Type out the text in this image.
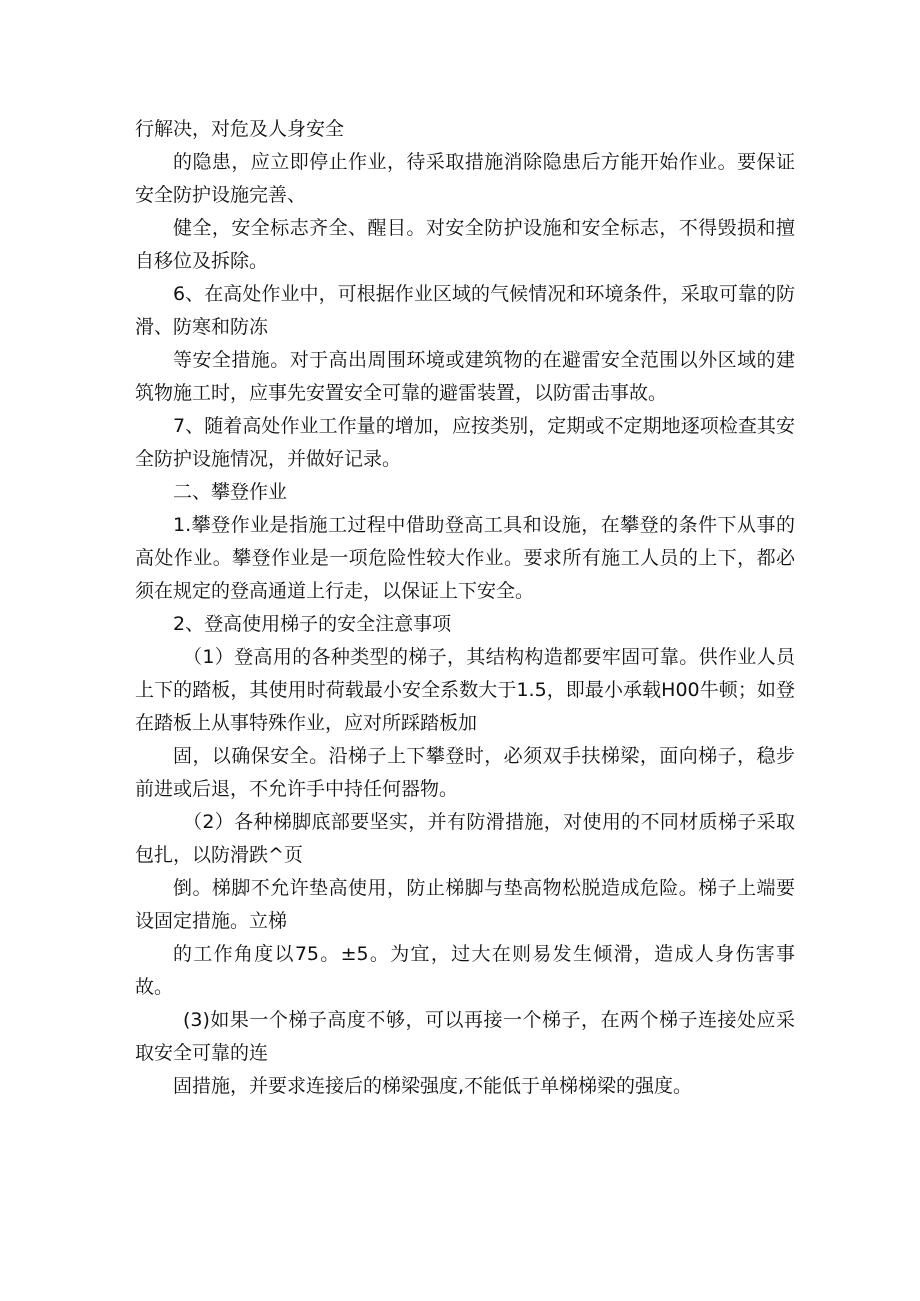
行解决，对危及人身安全

的隐患，应立即停止作业，待采取措施消除隐患后方能开始作业。要保证安全防护设施完善、

健全，安全标志齐全、醒目。对安全防护设施和安全标志，不得毁损和擅自移位及拆除。

6、在高处作业中，可根据作业区域的气候情况和环境条件，采取可靠的防滑、防寒和防冻

等安全措施。对于高出周围环境或建筑物的在避雷安全范围以外区域的建筑物施工时，应事先安置安全可靠的避雷装置，以防雷击事故。

7、随着高处作业工作量的增加，应按类别，定期或不定期地逐项检查其安全防护设施情况，并做好记录。

二、攀登作业

1.攀登作业是指施工过程中借助登高工具和设施，在攀登的条件下从事的高处作业。攀登作业是一项危险性较大作业。要求所有施工人员的上下，都必须在规定的登高通道上行走，以保证上下安全。

2、登高使用梯子的安全注意事项

（1）登高用的各种类型的梯子，其结构构造都要牢固可靠。供作业人员上下的踏板，其使用时荷载最小安全系数大于1.5，即最小承载H00牛顿；如登在踏板上从事特殊作业，应对所踩踏板加

固，以确保安全。沿梯子上下攀登时，必须双手扶梯梁，面向梯子，稳步前进或后退，不允许手中持任何器物。

（2）各种梯脚底部要坚实，并有防滑措施，对使用的不同材质梯子采取包扎，以防滑跌^页

倒。梯脚不允许垫高使用，防止梯脚与垫高物松脱造成危险。梯子上端要设固定措施。立梯

的工作角度以75。±5。为宜，过大在则易发生倾滑，造成人身伤害事故。

(3)如果一个梯子高度不够，可以再接一个梯子，在两个梯子连接处应采取安全可靠的连

固措施，并要求连接后的梯梁强度,不能低于单梯梯梁的强度。
